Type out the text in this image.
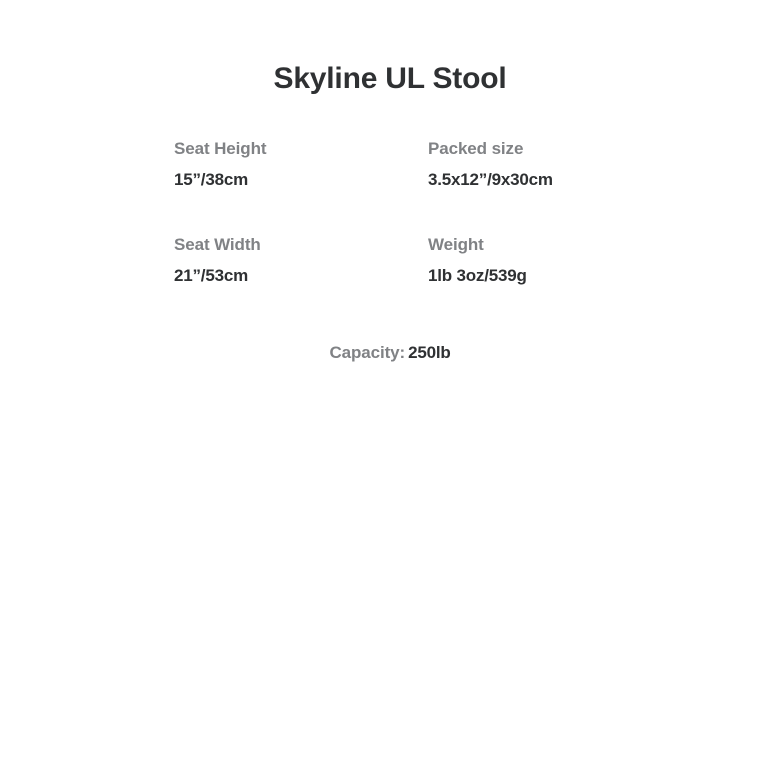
Skyline UL Stool
Seat Height
15”/38cm
Packed size
3.5x12”/9x30cm
Seat Width
21”/53cm
Weight
1lb 3oz/539g
Capacity: 250lb
